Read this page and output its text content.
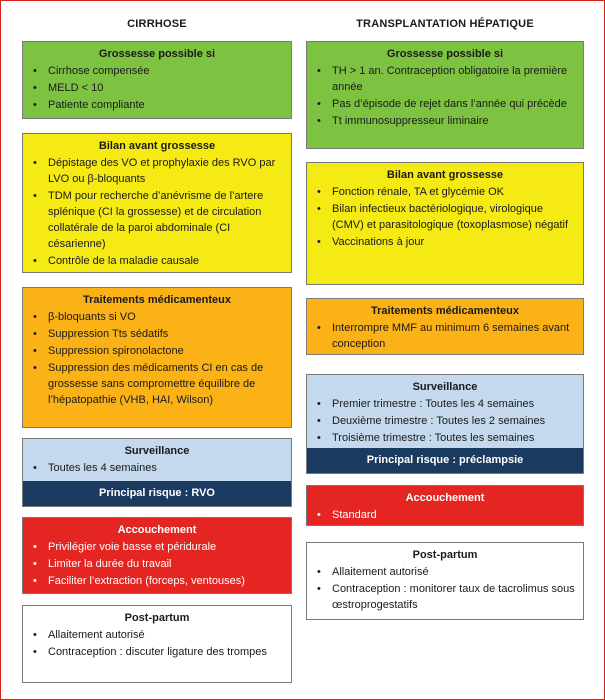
CIRRHOSE	TRANSPLANTATION HÉPATIQUE
Grossesse possible si
• Cirrhose compensée
• MELD < 10
• Patiente compliante
Bilan avant grossesse
• Dépistage des VO et prophylaxie des RVO par LVO ou β-bloquants
• TDM pour recherche d’anévrisme de l’artere splénique (CI la grossesse) et de circulation collatérale de la paroi abdominale (CI césarienne)
• Contrôle de la maladie causale
Traitements médicamenteux
• β-bloquants si VO
• Suppression Tts sédatifs
• Suppression spironolactone
• Suppression des médicaments CI en cas de grossesse sans compromettre équilibre de l’hépatopathie (VHB, HAI, Wilson)
Surveillance
• Toutes les 4 semaines
Principal risque : RVO
Accouchement
• Privilégier voie basse et péridurale
• Limiter la durée du travail
• Faciliter l’extraction (forceps, ventouses)
Post-partum
• Allaitement autorisé
• Contraception : discuter ligature des trompes
Grossesse possible si
• TH > 1 an. Contraception obligatoire la première année
• Pas d’épisode de rejet dans l’année qui précède
• Tt immunosuppresseur liminaire
Bilan avant grossesse
• Fonction rénale, TA et glycémie OK
• Bilan infectieux bactériologique, virologique (CMV) et parasitologique (toxoplasmose) négatif
• Vaccinations à jour
Traitements médicamenteux
• Interrompre MMF au minimum 6 semaines avant conception
Surveillance
• Premier trimestre : Toutes les 4 semaines
• Deuxième trimestre : Toutes les 2 semaines
• Troisième trimestre : Toutes les semaines
Principal risque : préclampsie
Accouchement
• Standard
Post-partum
• Allaitement autorisé
• Contraception : monitorer taux de tacrolimus sous œstroprogestatifs
